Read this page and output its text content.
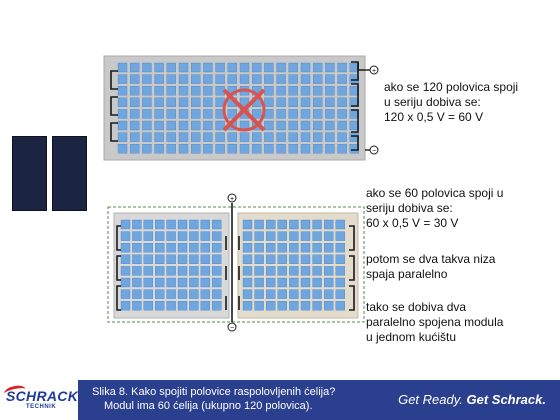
+
−
+
−
ako se 120 polovica spoji
u seriju dobiva se:
120 x 0,5 V = 60 V
ako se 60 polovica spoji u
seriju dobiva se:
60 x 0,5 V = 30 V
potom se dva takva niza
spaja paralelno
tako se dobiva dva
paralelno spojena modula
u jednom kućištu
SCHRACK
TECHNIK
Slika 8. Kako spojiti polovice raspolovljenih ćelija?
Modul ima 60 ćelija (ukupno 120 polovica).	Get Ready. Get Schrack.
